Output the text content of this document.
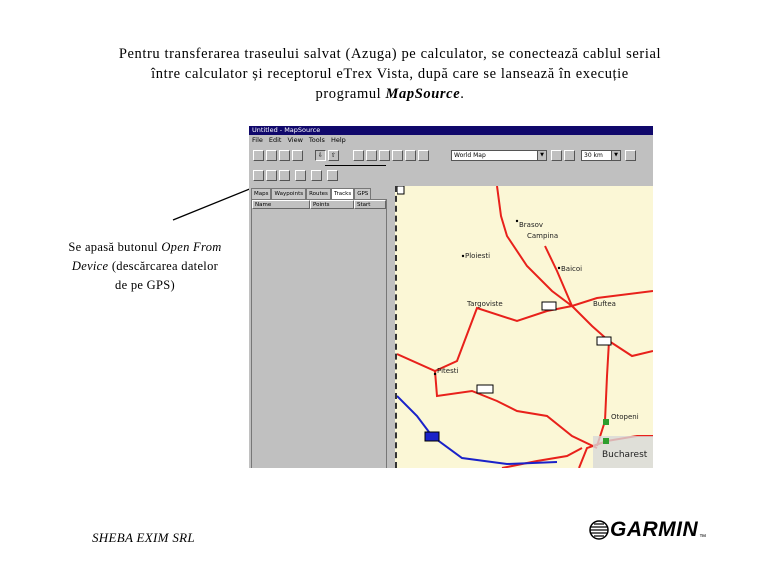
Pentru transferarea traseului salvat (Azuga) pe calculator, se conectează cablul serial
între calculator și receptorul eTrex Vista, după care se lansează în execuție
programul MapSource.
Se apasă butonul Open From
Device (descărcarea datelor
de pe GPS)
Untitled - MapSource
File Edit View Tools Help
⇩	⇧	World Map	▼	30 km	▼
Maps	Waypoints	Routes	Tracks	GPS
Name	Points	Start
Brasov
Campina
Ploiesti
Baicoi
Targoviste	Buftea
Pitesti
Otopeni
Bucharest
SHEBA EXIM SRL	GARMIN ™
